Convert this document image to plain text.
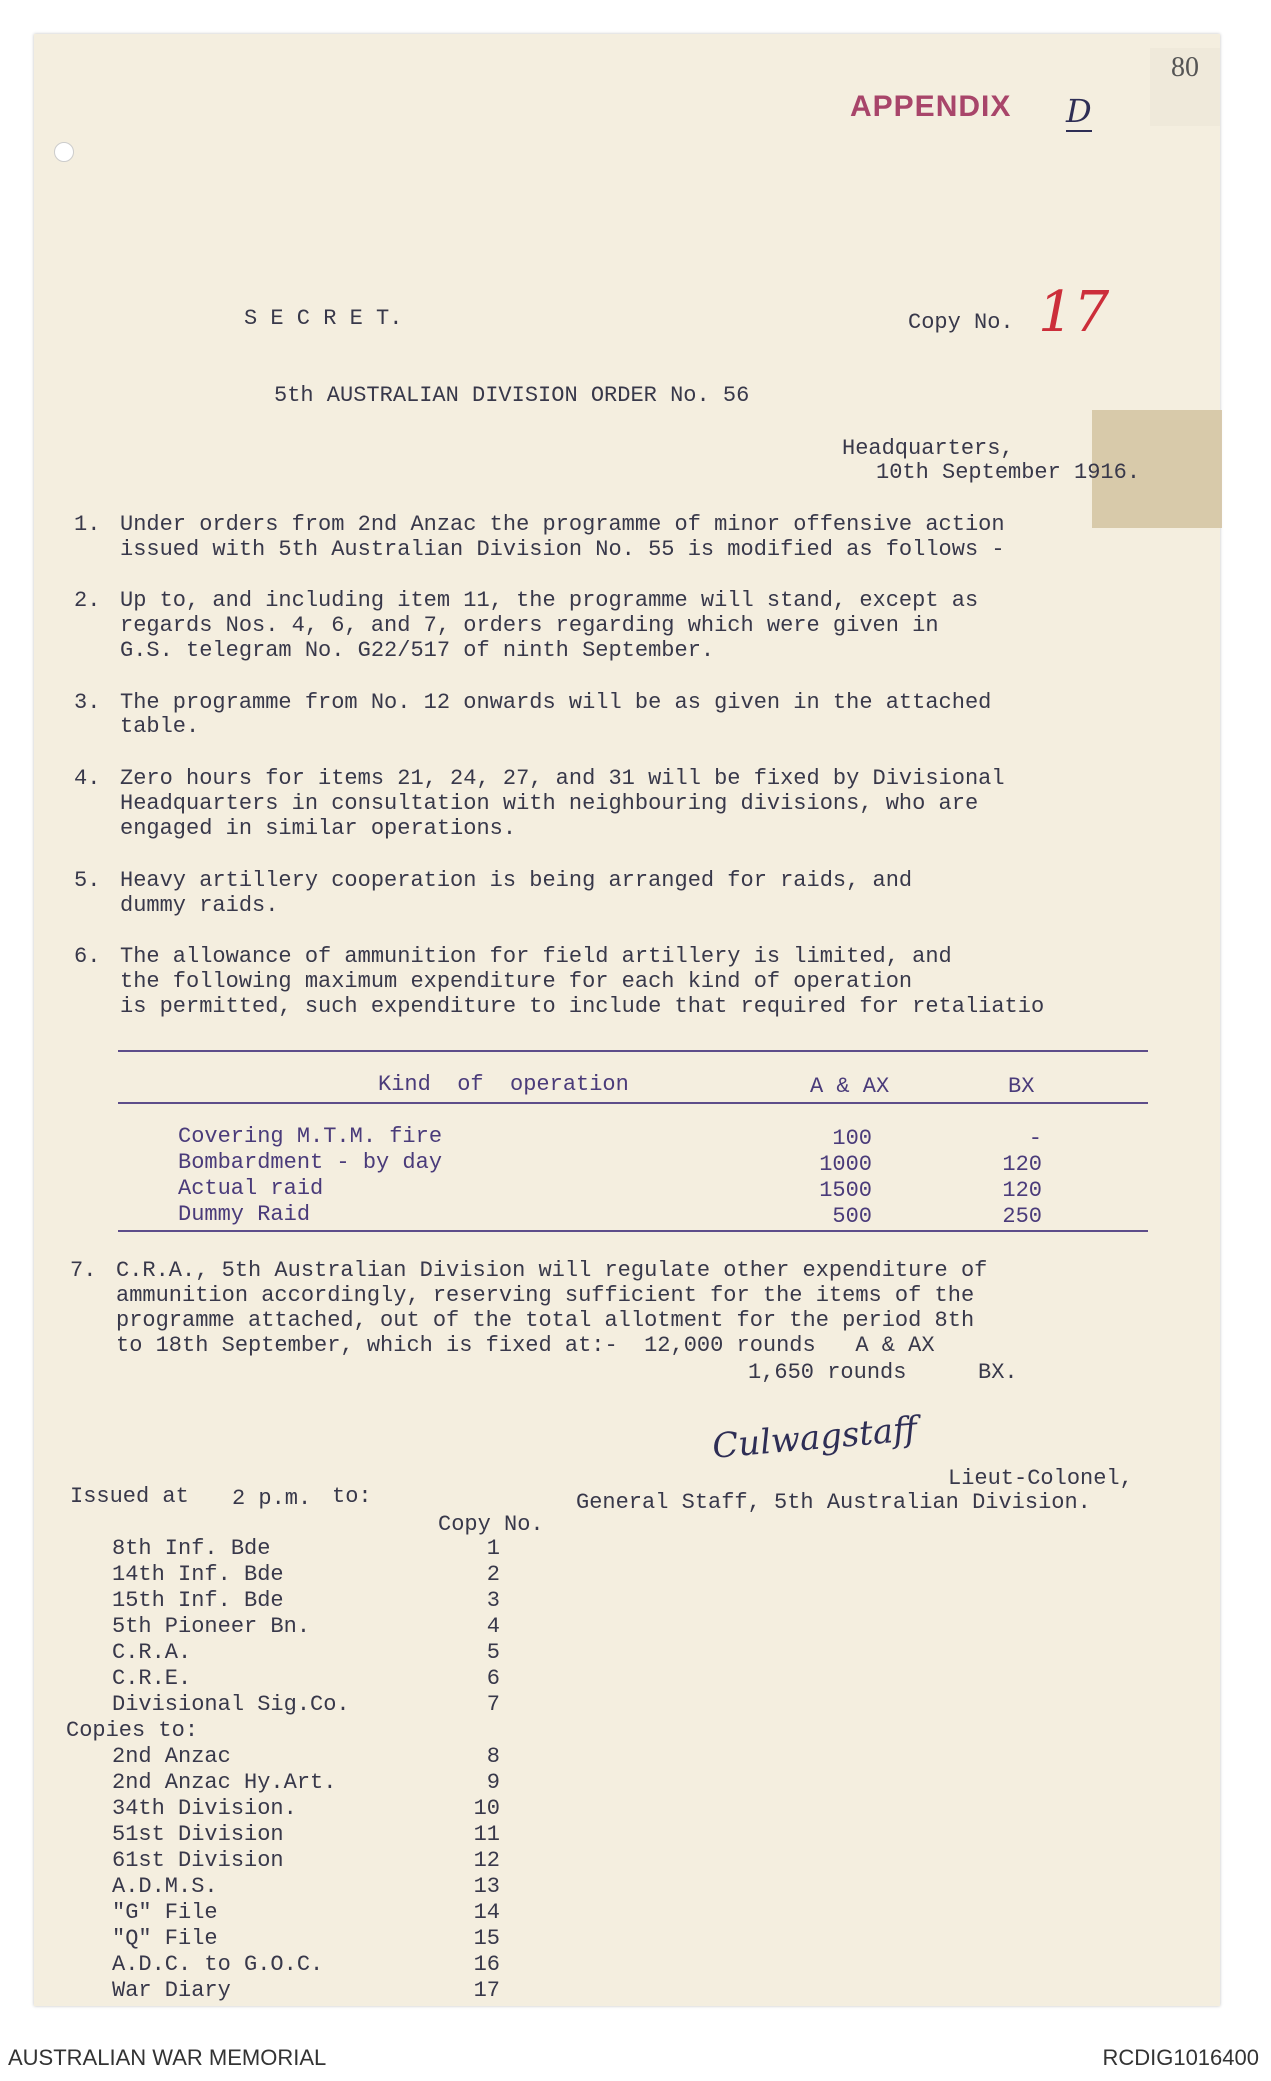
80
APPENDIX D
S E C R E T.	Copy No. 17
5th AUSTRALIAN DIVISION ORDER No. 56
Headquarters,
10th September 1916.
1. Under orders from 2nd Anzac the programme of minor offensive action
issued with 5th Australian Division No. 55 is modified as follows -
2. Up to, and including item 11, the programme will stand, except as
regards Nos. 4, 6, and 7, orders regarding which were given in
G.S. telegram No. G22/517 of ninth September.
3. The programme from No. 12 onwards will be as given in the attached
table.
4. Zero hours for items 21, 24, 27, and 31 will be fixed by Divisional
Headquarters in consultation with neighbouring divisions, who are
engaged in similar operations.
5. Heavy artillery cooperation is being arranged for raids, and
dummy raids.
6. The allowance of ammunition for field artillery is limited, and
the following maximum expenditure for each kind of operation
is permitted, such expenditure to include that required for retaliatio
Kind  of  operation	A & AX	BX
Covering M.T.M. fire	100	-
Bombardment - by day	1000	120
Actual raid	1500	120
Dummy Raid	500	250
7. C.R.A., 5th Australian Division will regulate other expenditure of
ammunition accordingly, reserving sufficient for the items of the
programme attached, out of the total allotment for the period 8th
to 18th September, which is fixed at:-  12,000 rounds   A & AX
1,650 rounds	BX.
Culwagstaff
Lieut-Colonel,
General Staff, 5th Australian Division.
Issued at 2 p.m. to:
Copy No.
8th Inf. Bde	1
14th Inf. Bde	2
15th Inf. Bde	3
5th Pioneer Bn.	4
C.R.A.	5
C.R.E.	6
Divisional Sig.Co.	7
Copies to:
2nd Anzac	8
2nd Anzac Hy.Art.	9
34th Division.	10
51st Division	11
61st Division	12
A.D.M.S.	13
"G" File	14
"Q" File	15
A.D.C. to G.O.C.	16
War Diary	17
AUSTRALIAN WAR MEMORIAL	RCDIG1016400
